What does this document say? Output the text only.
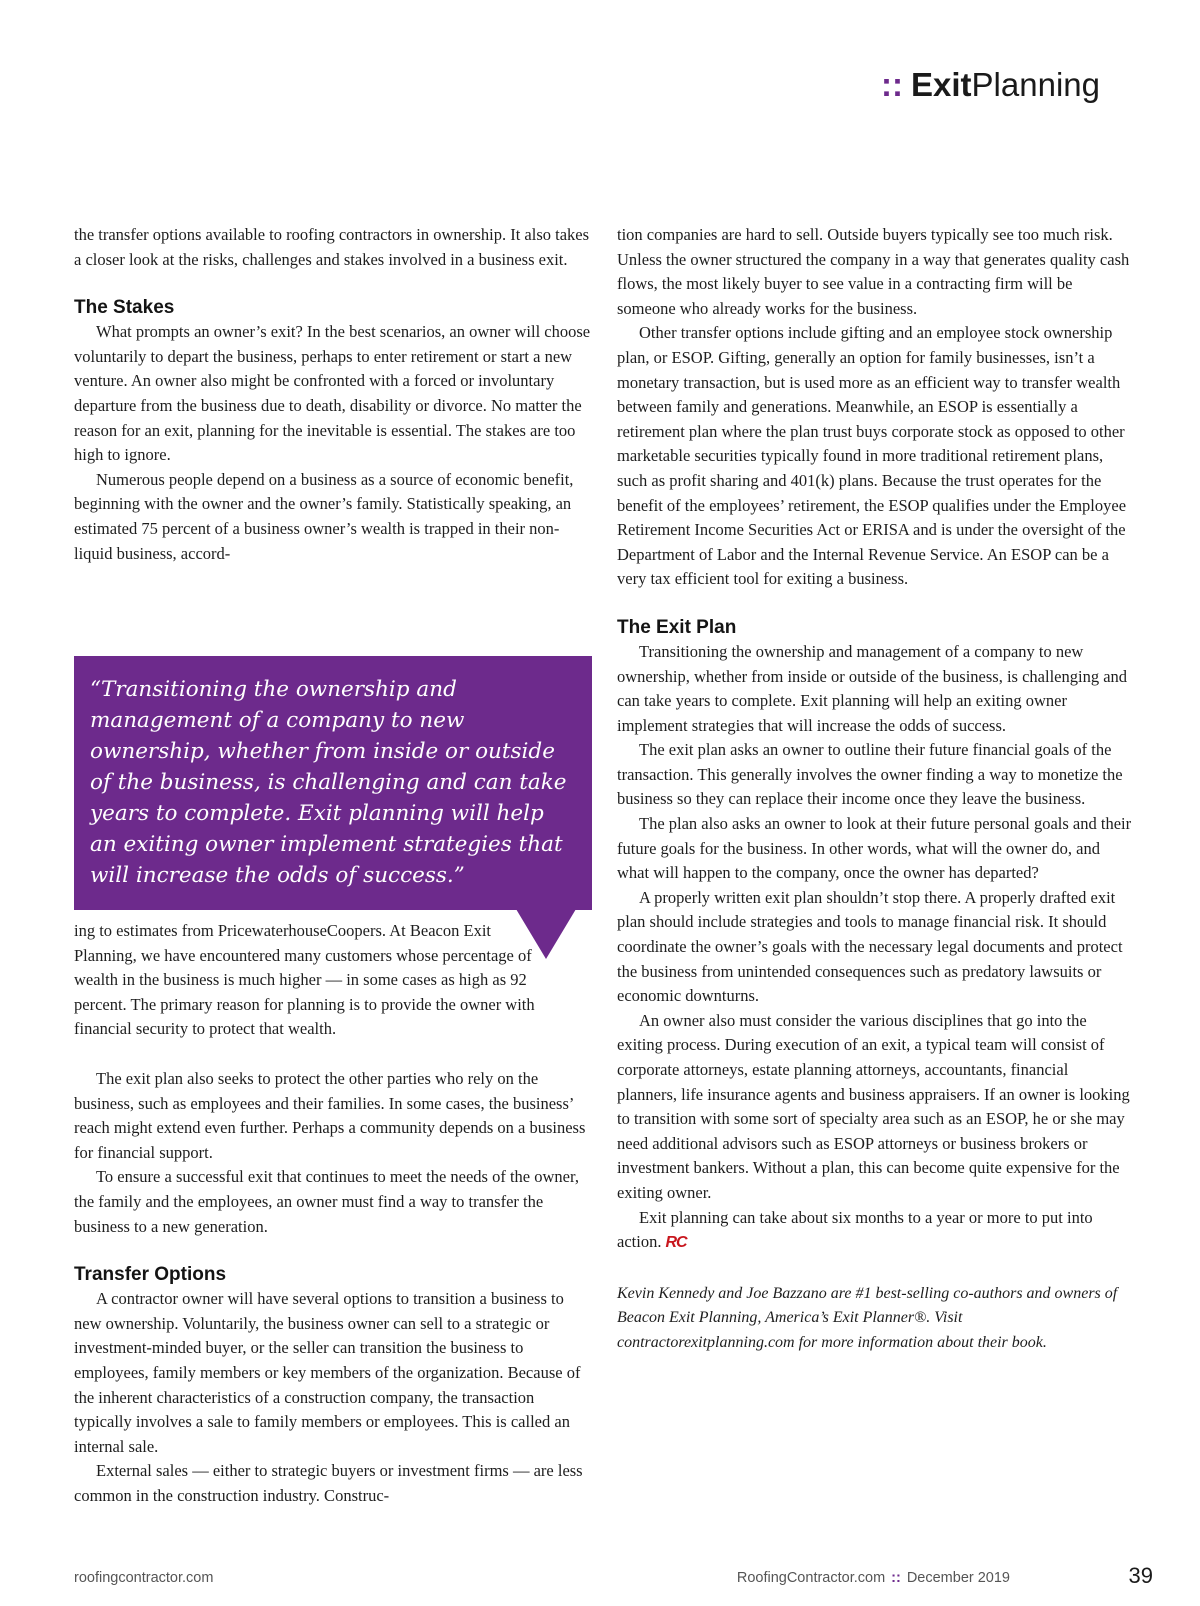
:: ExitPlanning

the transfer options available to roofing contractors in ownership. It also takes a closer look at the risks, challenges and stakes involved in a business exit.

The Stakes

What prompts an owner’s exit? In the best scenarios, an owner will choose voluntarily to depart the business, perhaps to enter retirement or start a new venture. An owner also might be confronted with a forced or involuntary departure from the business due to death, disability or divorce. No matter the reason for an exit, planning for the inevitable is essential. The stakes are too high to ignore.

Numerous people depend on a business as a source of economic benefit, beginning with the owner and the owner’s family. Statistically speaking, an estimated 75 percent of a business owner’s wealth is trapped in their non-liquid business, accord-

“Transitioning the ownership and management of a company to new ownership, whether from inside or outside of the business, is challenging and can take years to complete. Exit planning will help an exiting owner implement strategies that will increase the odds of success.”

ing to estimates from PricewaterhouseCoopers. At Beacon Exit Planning, we have encountered many customers whose percentage of wealth in the business is much higher — in some cases as high as 92 percent. The primary reason for planning is to provide the owner with financial security to protect that wealth.

The exit plan also seeks to protect the other parties who rely on the business, such as employees and their families. In some cases, the business’ reach might extend even further. Perhaps a community depends on a business for financial support.

To ensure a successful exit that continues to meet the needs of the owner, the family and the employees, an owner must find a way to transfer the business to a new generation.

Transfer Options

A contractor owner will have several options to transition a business to new ownership. Voluntarily, the business owner can sell to a strategic or investment-minded buyer, or the seller can transition the business to employees, family members or key members of the organization. Because of the inherent characteristics of a construction company, the transaction typically involves a sale to family members or employees. This is called an internal sale.

External sales — either to strategic buyers or investment firms — are less common in the construction industry. Construc-

tion companies are hard to sell. Outside buyers typically see too much risk. Unless the owner structured the company in a way that generates quality cash flows, the most likely buyer to see value in a contracting firm will be someone who already works for the business.

Other transfer options include gifting and an employee stock ownership plan, or ESOP. Gifting, generally an option for family businesses, isn’t a monetary transaction, but is used more as an efficient way to transfer wealth between family and generations. Meanwhile, an ESOP is essentially a retirement plan where the plan trust buys corporate stock as opposed to other marketable securities typically found in more traditional retirement plans, such as profit sharing and 401(k) plans. Because the trust operates for the benefit of the employees’ retirement, the ESOP qualifies under the Employee Retirement Income Securities Act or ERISA and is under the oversight of the Department of Labor and the Internal Revenue Service. An ESOP can be a very tax efficient tool for exiting a business.

The Exit Plan

Transitioning the ownership and management of a company to new ownership, whether from inside or outside of the business, is challenging and can take years to complete. Exit planning will help an exiting owner implement strategies that will increase the odds of success.

The exit plan asks an owner to outline their future financial goals of the transaction. This generally involves the owner finding a way to monetize the business so they can replace their income once they leave the business.

The plan also asks an owner to look at their future personal goals and their future goals for the business. In other words, what will the owner do, and what will happen to the company, once the owner has departed?

A properly written exit plan shouldn’t stop there. A properly drafted exit plan should include strategies and tools to manage financial risk. It should coordinate the owner’s goals with the necessary legal documents and protect the business from unintended consequences such as predatory lawsuits or economic downturns.

An owner also must consider the various disciplines that go into the exiting process. During execution of an exit, a typical team will consist of corporate attorneys, estate planning attorneys, accountants, financial planners, life insurance agents and business appraisers. If an owner is looking to transition with some sort of specialty area such as an ESOP, he or she may need additional advisors such as ESOP attorneys or business brokers or investment bankers. Without a plan, this can become quite expensive for the exiting owner.

Exit planning can take about six months to a year or more to put into action. RC

Kevin Kennedy and Joe Bazzano are #1 best-selling co-authors and owners of Beacon Exit Planning, America’s Exit Planner®. Visit contractorexitplanning.com for more information about their book.

roofingcontractor.com	RoofingContractor.com :: December 2019	39
